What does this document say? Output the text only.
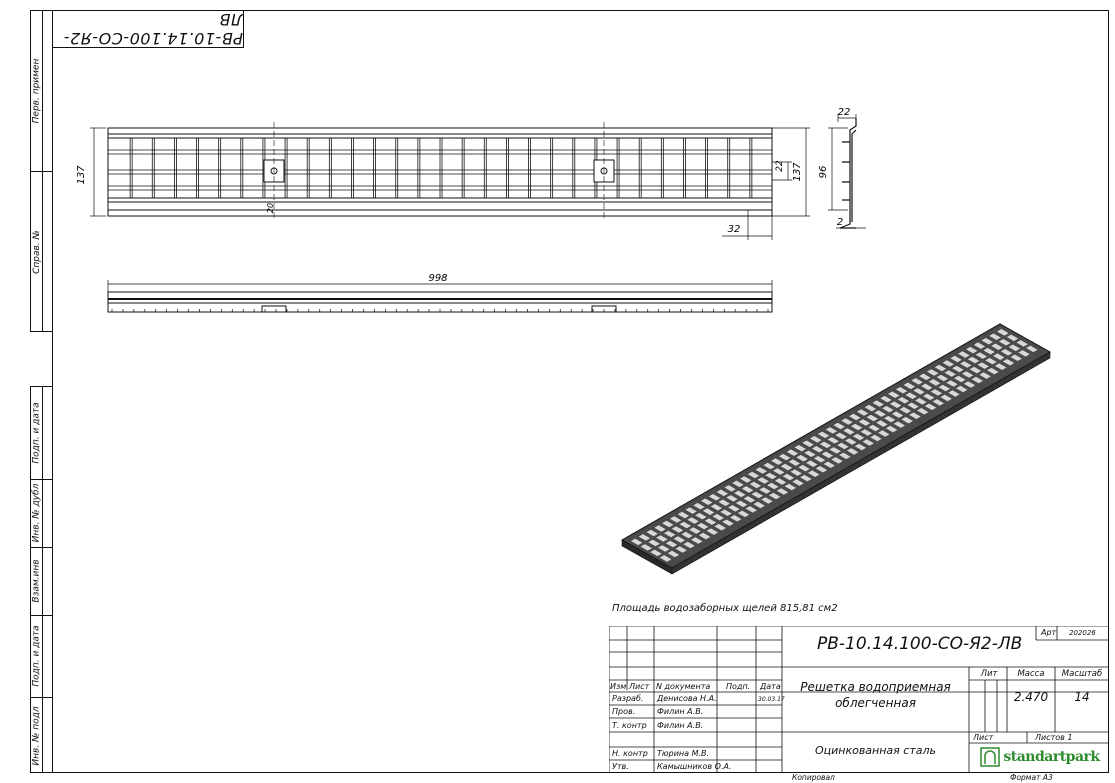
Перв. примен
Справ. №
Подп. и дата
Инв. № дубл
Взам.инв
Подп. и дата
Инв. № подл
РВ-10.14.100-СО-Я2-ЛВ
137	137
22
20
32
22
96
2
998
Площадь водозаборных щелей 815,81 см2
Арт 202026
РВ-10.14.100-СО-Я2-ЛВ
Изм Лист N документа Подп. Дата
Разраб. Денисова Н.А.	30.03.17
Пров.	Филин А.В.
Т. контр Филин А.В.
Н. контр Тюрина М.В.
Утв.	Камышников О.А.
Решетка водоприемная
облегченная
Оцинкованная сталь
Лит	Масса	Масштаб
2.470	14
Лист	Листов 1
standartpark
Копировал	Формат А3
